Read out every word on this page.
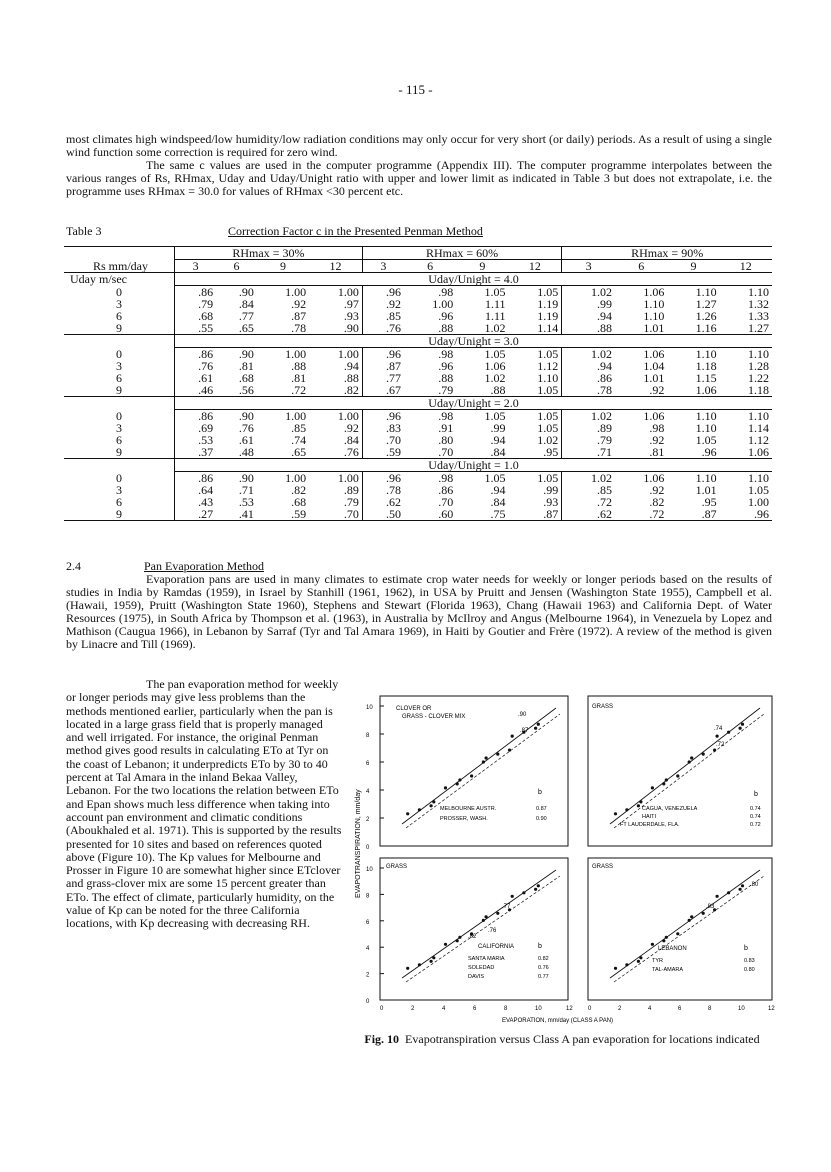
- 115 -

most climates high windspeed/low humidity/low radiation conditions may only occur for very short (or daily) periods. As a result of using a single wind function some correction is required for zero wind.

The same c values are used in the computer programme (Appendix III). The computer programme interpolates between the various ranges of Rs, RHmax, Uday and Uday/Unight ratio with upper and lower limit as indicated in Table 3 but does not extrapolate, i.e. the programme uses RHmax = 30.0 for values of RHmax <30 percent etc.

Table 3	Correction Factor c in the Presented Penman Method
	RHmax = 30%				RHmax = 60%				RHmax = 90%			
Rs mm/day	3	6	9	12	3	6	9	12	3	6	9	12
Uday m/sec	Uday/Unight = 4.0											
0	.86	.90	1.00	1.00	.96	.98	1.05	1.05	1.02	1.06	1.10	1.10
3	.79	.84	.92	.97	.92	1.00	1.11	1.19	.99	1.10	1.27	1.32
6	.68	.77	.87	.93	.85	.96	1.11	1.19	.94	1.10	1.26	1.33
9	.55	.65	.78	.90	.76	.88	1.02	1.14	.88	1.01	1.16	1.27
	Uday/Unight = 3.0											
0	.86	.90	1.00	1.00	.96	.98	1.05	1.05	1.02	1.06	1.10	1.10
3	.76	.81	.88	.94	.87	.96	1.06	1.12	.94	1.04	1.18	1.28
6	.61	.68	.81	.88	.77	.88	1.02	1.10	.86	1.01	1.15	1.22
9	.46	.56	.72	.82	.67	.79	.88	1.05	.78	.92	1.06	1.18
	Uday/Unight = 2.0											
0	.86	.90	1.00	1.00	.96	.98	1.05	1.05	1.02	1.06	1.10	1.10
3	.69	.76	.85	.92	.83	.91	.99	1.05	.89	.98	1.10	1.14
6	.53	.61	.74	.84	.70	.80	.94	1.02	.79	.92	1.05	1.12
9	.37	.48	.65	.76	.59	.70	.84	.95	.71	.81	.96	1.06
	Uday/Unight = 1.0											
0	.86	.90	1.00	1.00	.96	.98	1.05	1.05	1.02	1.06	1.10	1.10
3	.64	.71	.82	.89	.78	.86	.94	.99	.85	.92	1.01	1.05
6	.43	.53	.68	.79	.62	.70	.84	.93	.72	.82	.95	1.00
9	.27	.41	.59	.70	.50	.60	.75	.87	.62	.72	.87	.96
2.4	Pan Evaporation Method

Evaporation pans are used in many climates to estimate crop water needs for weekly or longer periods based on the results of studies in India by Ramdas (1959), in Israel by Stanhill (1961, 1962), in USA by Pruitt and Jensen (Washington State 1955), Campbell et al. (Hawaii, 1959), Pruitt (Washington State 1960), Stephens and Stewart (Florida 1963), Chang (Hawaii 1963) and California Dept. of Water Resources (1975), in South Africa by Thompson et al. (1963), in Australia by McIlroy and Angus (Melbourne 1964), in Venezuela by Lopez and Mathison (Caugua 1966), in Lebanon by Sarraf (Tyr and Tal Amara 1969), in Haiti by Goutier and Frère (1972). A review of the method is given by Linacre and Till (1969).

The pan evaporation method for weekly or longer periods may give less problems than the methods mentioned earlier, particularly when the pan is located in a large grass field that is properly managed and well irrigated. For instance, the original Penman method gives good results in calculating ETo at Tyr on the coast of Lebanon; it underpredicts ETo by 30 to 40 percent at Tal Amara in the inland Bekaa Valley, Lebanon. For the two locations the relation between ETo and Epan shows much less difference when taking into account pan environment and climatic conditions (Aboukhaled et al. 1971). This is supported by the results presented for 10 sites and based on references quoted above (Figure 10). The Kp values for Melbourne and Prosser in Figure 10 are somewhat higher since ETclover and grass-clover mix are some 15 percent greater than ETo. The effect of climate, particularly humidity, on the value of Kp can be noted for the three California locations, with Kp decreasing with decreasing RH.

EVAPOTRANSPIRATION, mm/day 0
2
4
6
8
10
0
2
4
6
8
10
0	0
2	2
4	4
6	6
8	8
10	10
12	12
CLOVER OR
GRASS - CLOVER MIX	.90
.87
b
MELBOURNE AUSTR.	0.87
PROSSER, WASH.	0.90
GRASS
.74
.72
b
CAGUA, VENEZUELA	0.74
HAITI	0.74
FT LAUDERDALE, FLA.	0.72
GRASS
.77
.82
.76
CALIFORNIA	b
SANTA MARIA	0.82
SOLEDAD	0.76
DAVIS	0.77
GRASS
.83
.80
LEBANON	b
TYR	0.83
TAL-AMARA	0.80
EVAPORATION, mm/day (CLASS A PAN)
Fig. 10 Evapotranspiration versus Class A pan evaporation for locations indicated
